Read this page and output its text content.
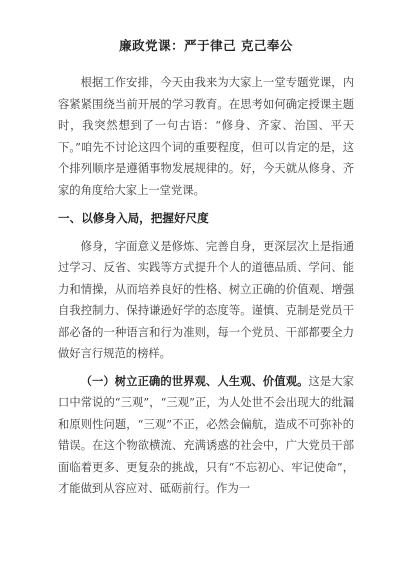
廉政党课：严于律己 克己奉公

根据工作安排，今天由我来为大家上一堂专题党课，内容紧紧围绕当前开展的学习教育。在思考如何确定授课主题时，我突然想到了一句古语：“修身、齐家、治国、平天下。”咱先不讨论这四个词的重要程度，但可以肯定的是，这个排列顺序是遵循事物发展规律的。好，今天就从修身、齐家的角度给大家上一堂党课。

一、以修身入局，把握好尺度

修身，字面意义是修炼、完善自身，更深层次上是指通过学习、反省、实践等方式提升个人的道德品质、学问、能力和情操，从而培养良好的性格、树立正确的价值观、增强自我控制力、保持谦逊好学的态度等。谨慎、克制是党员干部必备的一种语言和行为准则，每一个党员、干部都要全力做好言行规范的榜样。

（一）树立正确的世界观、人生观、价值观。这是大家口中常说的“三观”，“三观”正，为人处世不会出现大的纰漏和原则性问题，“三观”不正，必然会偏航，造成不可弥补的错误。在这个物欲横流、充满诱惑的社会中，广大党员干部面临着更多、更复杂的挑战，只有“不忘初心、牢记使命”，才能做到从容应对、砥砺前行。作为一
